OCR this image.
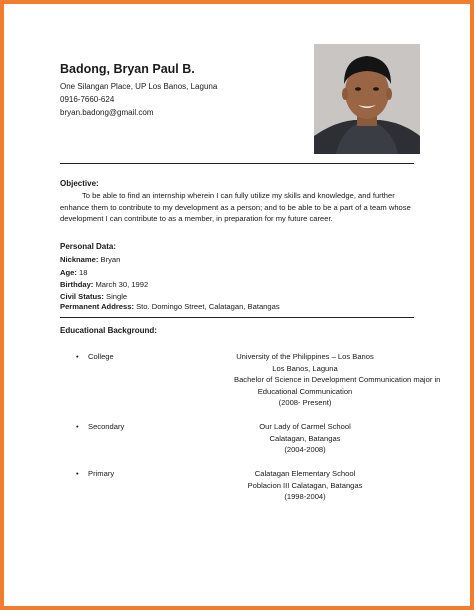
Badong, Bryan Paul B.
One Silangan Place, UP Los Banos, Laguna
0916-7660-624
bryan.badong@gmail.com
Objective:
To be able to find an internship wherein I can fully utilize my skills and knowledge, and further enhance them to contribute to my development as a person; and to be able to be a part of a team whose development I can contribute to as a member, in preparation for my future career.
Personal Data:
Nickname: Bryan
Age: 18
Birthday: March 30, 1992
Civil Status: Single
Permanent Address: Sto. Domingo Street, Calatagan, Batangas
Educational Background:
• College	University of the Philippines – Los Banos
Los Banos, Laguna
Bachelor of Science in Development Communication major in
Educational Communication
(2008- Present)
• Secondary	Our Lady of Carmel School
Calatagan, Batangas
(2004-2008)
• Primary	Calatagan Elementary School
Poblacion III Calatagan, Batangas
(1998-2004)
